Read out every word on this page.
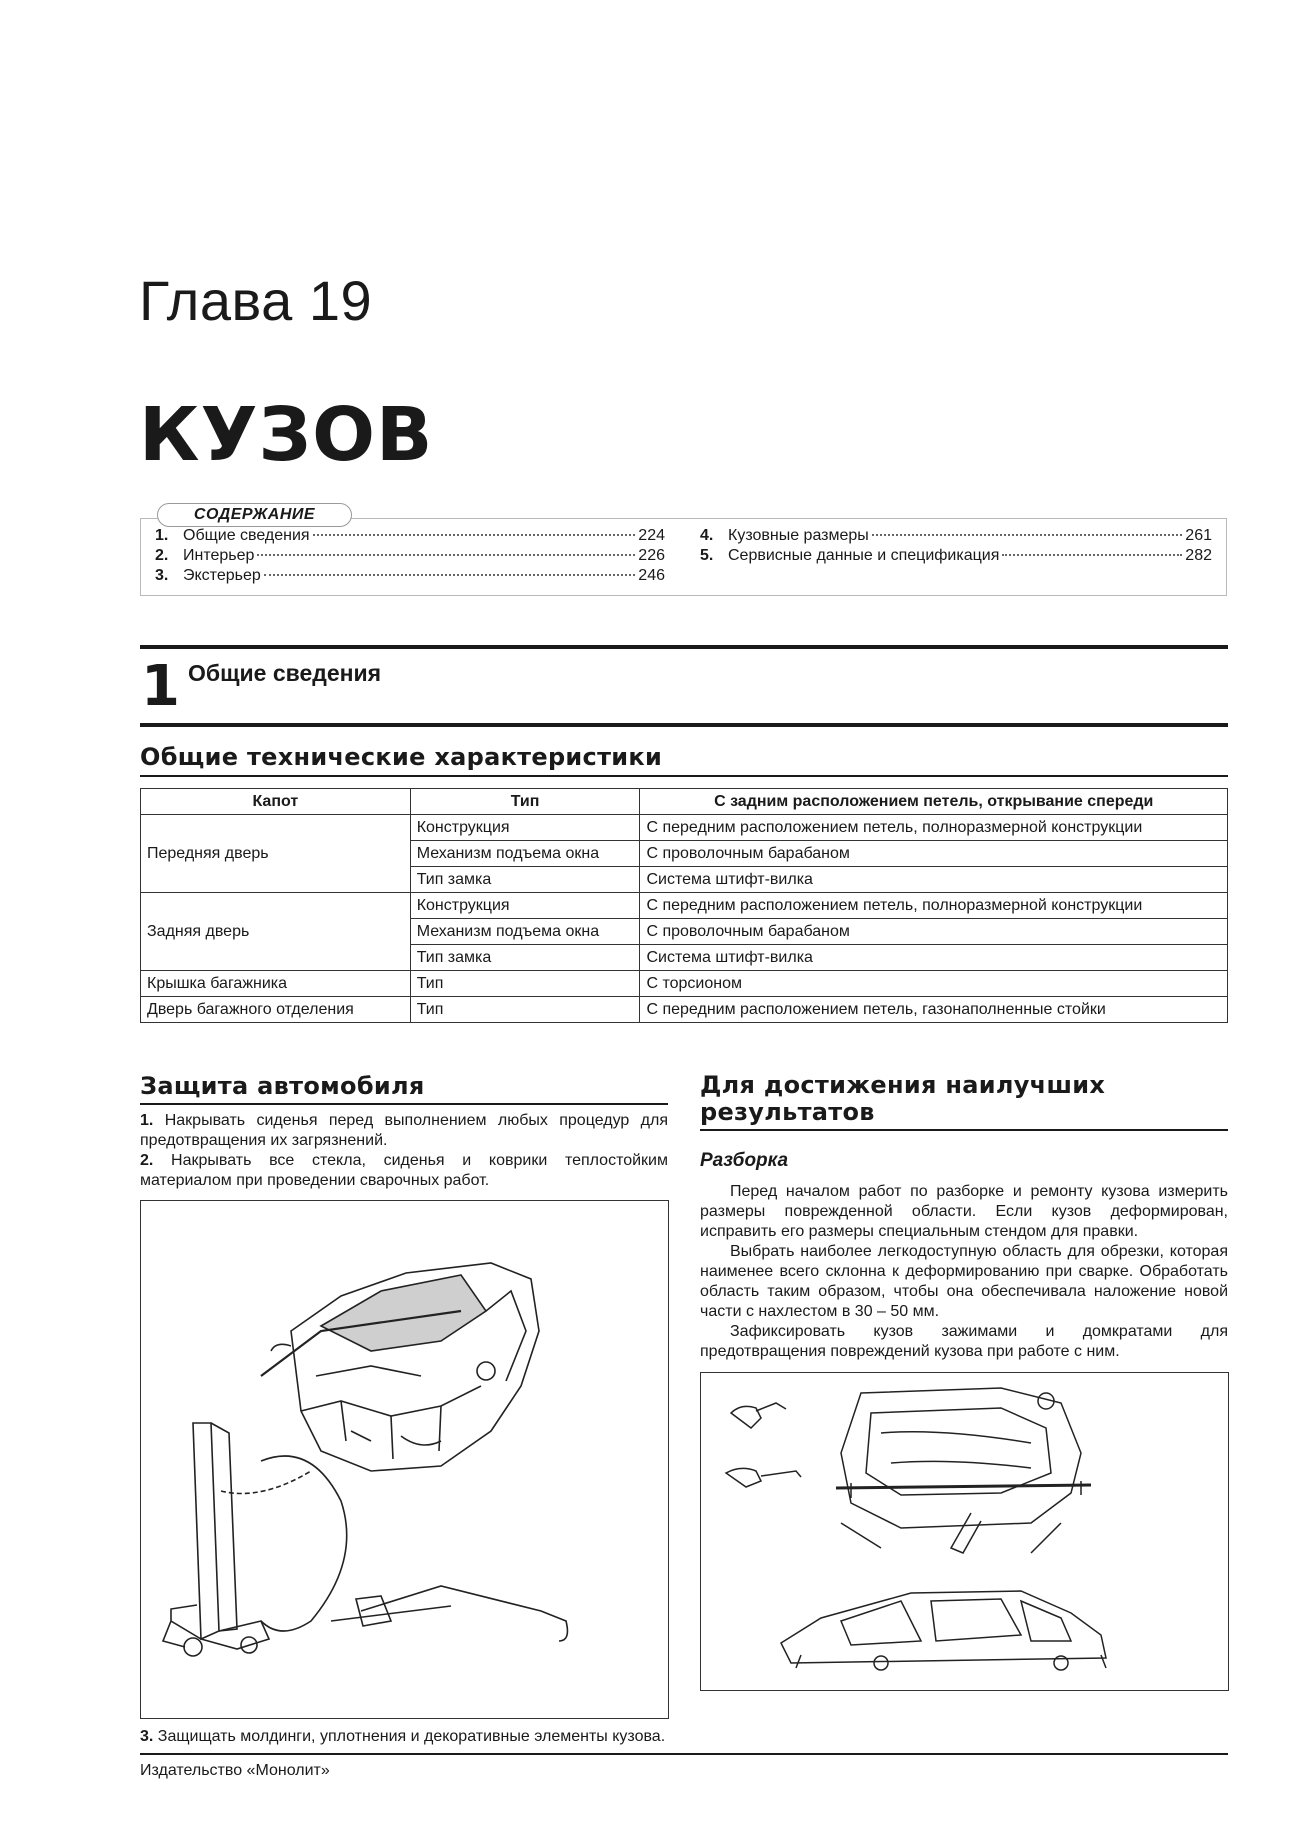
Глава 19
КУЗОВ
СОДЕРЖАНИЕ
1. Общие сведения	224
2. Интерьер	226
3. Экстерьер	246
4. Кузовные размеры	261
5. Сервисные данные и спецификация	282
1 Общие сведения
Общие технические характеристики
Капот	Тип	С задним расположением петель, открывание спереди
Передняя дверь	Конструкция	С передним расположением петель, полноразмерной конструкции
	Механизм подъема окна	С проволочным барабаном
	Тип замка	Система штифт-вилка
Задняя дверь	Конструкция	С передним расположением петель, полноразмерной конструкции
	Механизм подъема окна	С проволочным барабаном
	Тип замка	Система штифт-вилка
Крышка багажника	Тип	С торсионом
Дверь багажного отделения	Тип	С передним расположением петель, газонаполненные стойки
Защита автомобиля
1. Накрывать сиденья перед выполнением любых процедур для предотвращения их загрязнений.
2. Накрывать все стекла, сиденья и коврики теплостойким материалом при проведении сварочных работ.
3. Защищать молдинги, уплотнения и декоративные элементы кузова.
Для достижения наилучших
результатов
Разборка
Перед началом работ по разборке и ремонту кузова измерить размеры поврежденной области. Если кузов деформирован, исправить его размеры специальным стендом для правки.
Выбрать наиболее легкодоступную область для обрезки, которая наименее всего склонна к деформированию при сварке. Обработать область таким образом, чтобы она обеспечивала наложение новой части с нахлестом в 30 – 50 мм.
Зафиксировать кузов зажимами и домкратами для предотвращения повреждений кузова при работе с ним.
Издательство «Монолит»
